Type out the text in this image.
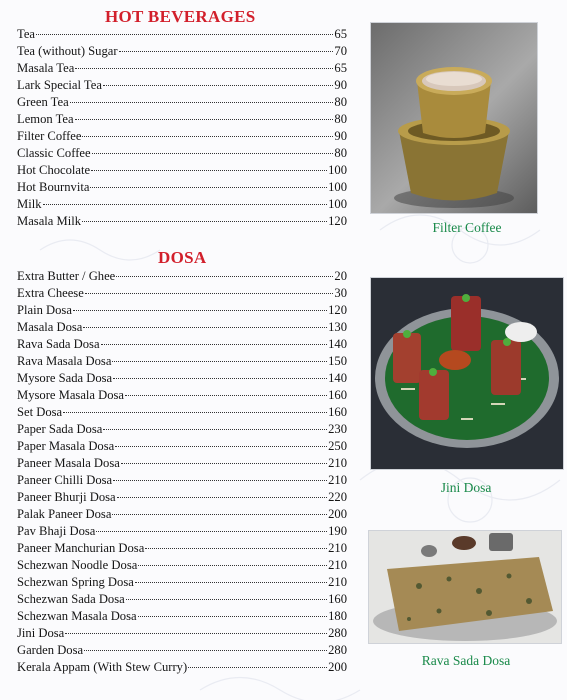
HOT BEVERAGES
Tea	65
Tea (without) Sugar	70
Masala Tea	65
Lark Special Tea	90
Green Tea	80
Lemon Tea	80
Filter Coffee	90
Classic Coffee	80
Hot Chocolate	100
Hot Bournvita	100
Milk	100
Masala Milk	120
DOSA
Extra Butter / Ghee	20
Extra Cheese	30
Plain Dosa	120
Masala Dosa	130
Rava Sada Dosa	140
Rava Masala Dosa	150
Mysore Sada Dosa	140
Mysore Masala Dosa	160
Set Dosa	160
Paper Sada Dosa	230
Paper Masala Dosa	250
Paneer Masala Dosa	210
Paneer Chilli Dosa	210
Paneer Bhurji Dosa	220
Palak Paneer Dosa	200
Pav Bhaji Dosa	190
Paneer Manchurian Dosa	210
Schezwan Noodle Dosa	210
Schezwan Spring Dosa	210
Schezwan Sada Dosa	160
Schezwan Masala Dosa	180
Jini Dosa	280
Garden Dosa	280
Kerala Appam (With Stew Curry)	200
Filter Coffee
Jini Dosa
Rava Sada Dosa
